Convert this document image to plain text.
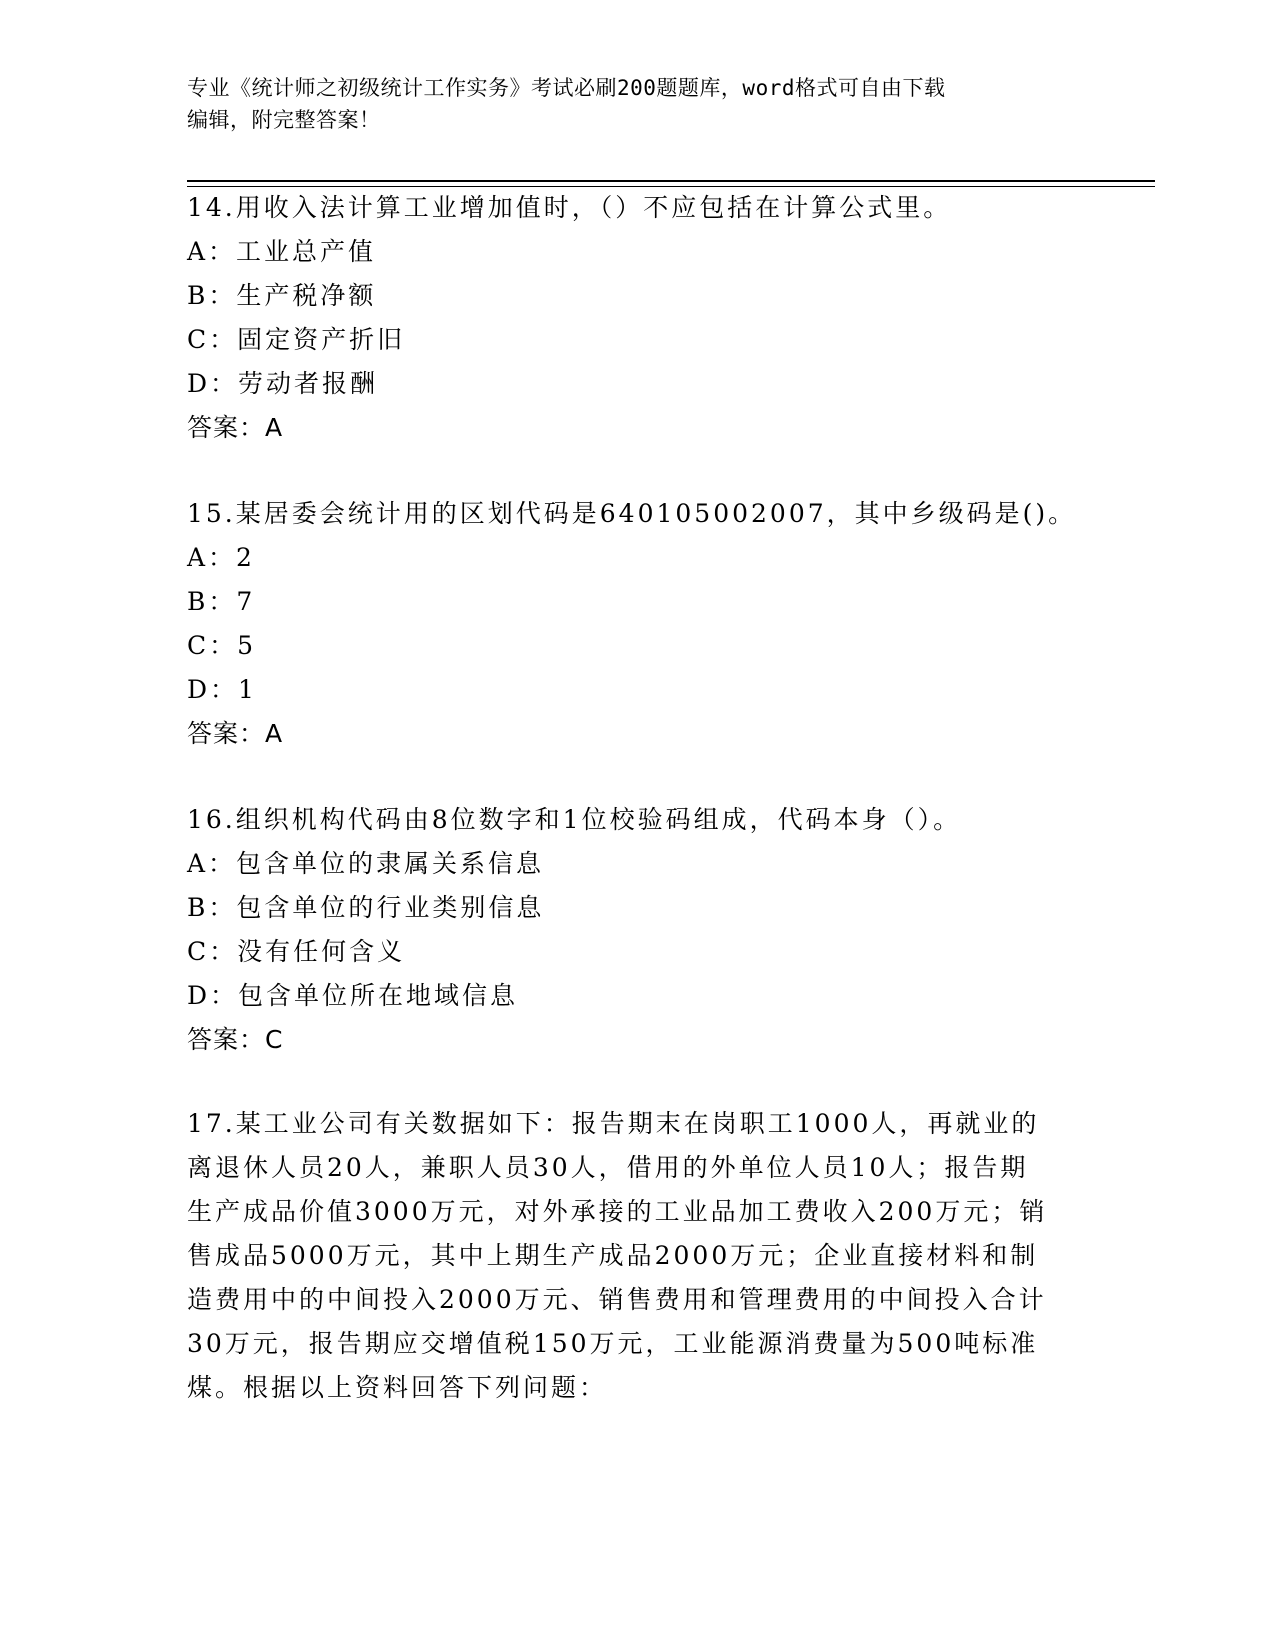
专业《统计师之初级统计工作实务》考试必刷200题题库，word格式可自由下载
编辑，附完整答案！
14.用收入法计算工业增加值时，（）不应包括在计算公式里。
A：工业总产值
B：生产税净额
C：固定资产折旧
D：劳动者报酬
答案：A
15.某居委会统计用的区划代码是640105002007，其中乡级码是()。
A：2
B：7
C：5
D：1
答案：A
16.组织机构代码由8位数字和1位校验码组成，代码本身（）。
A：包含单位的隶属关系信息
B：包含单位的行业类别信息
C：没有任何含义
D：包含单位所在地域信息
答案：C
17.某工业公司有关数据如下：报告期末在岗职工1000人，再就业的
离退休人员20人，兼职人员30人，借用的外单位人员10人；报告期
生产成品价值3000万元，对外承接的工业品加工费收入200万元；销
售成品5000万元，其中上期生产成品2000万元；企业直接材料和制
造费用中的中间投入2000万元、销售费用和管理费用的中间投入合计
30万元，报告期应交增值税150万元，工业能源消费量为500吨标准
煤。根据以上资料回答下列问题：
